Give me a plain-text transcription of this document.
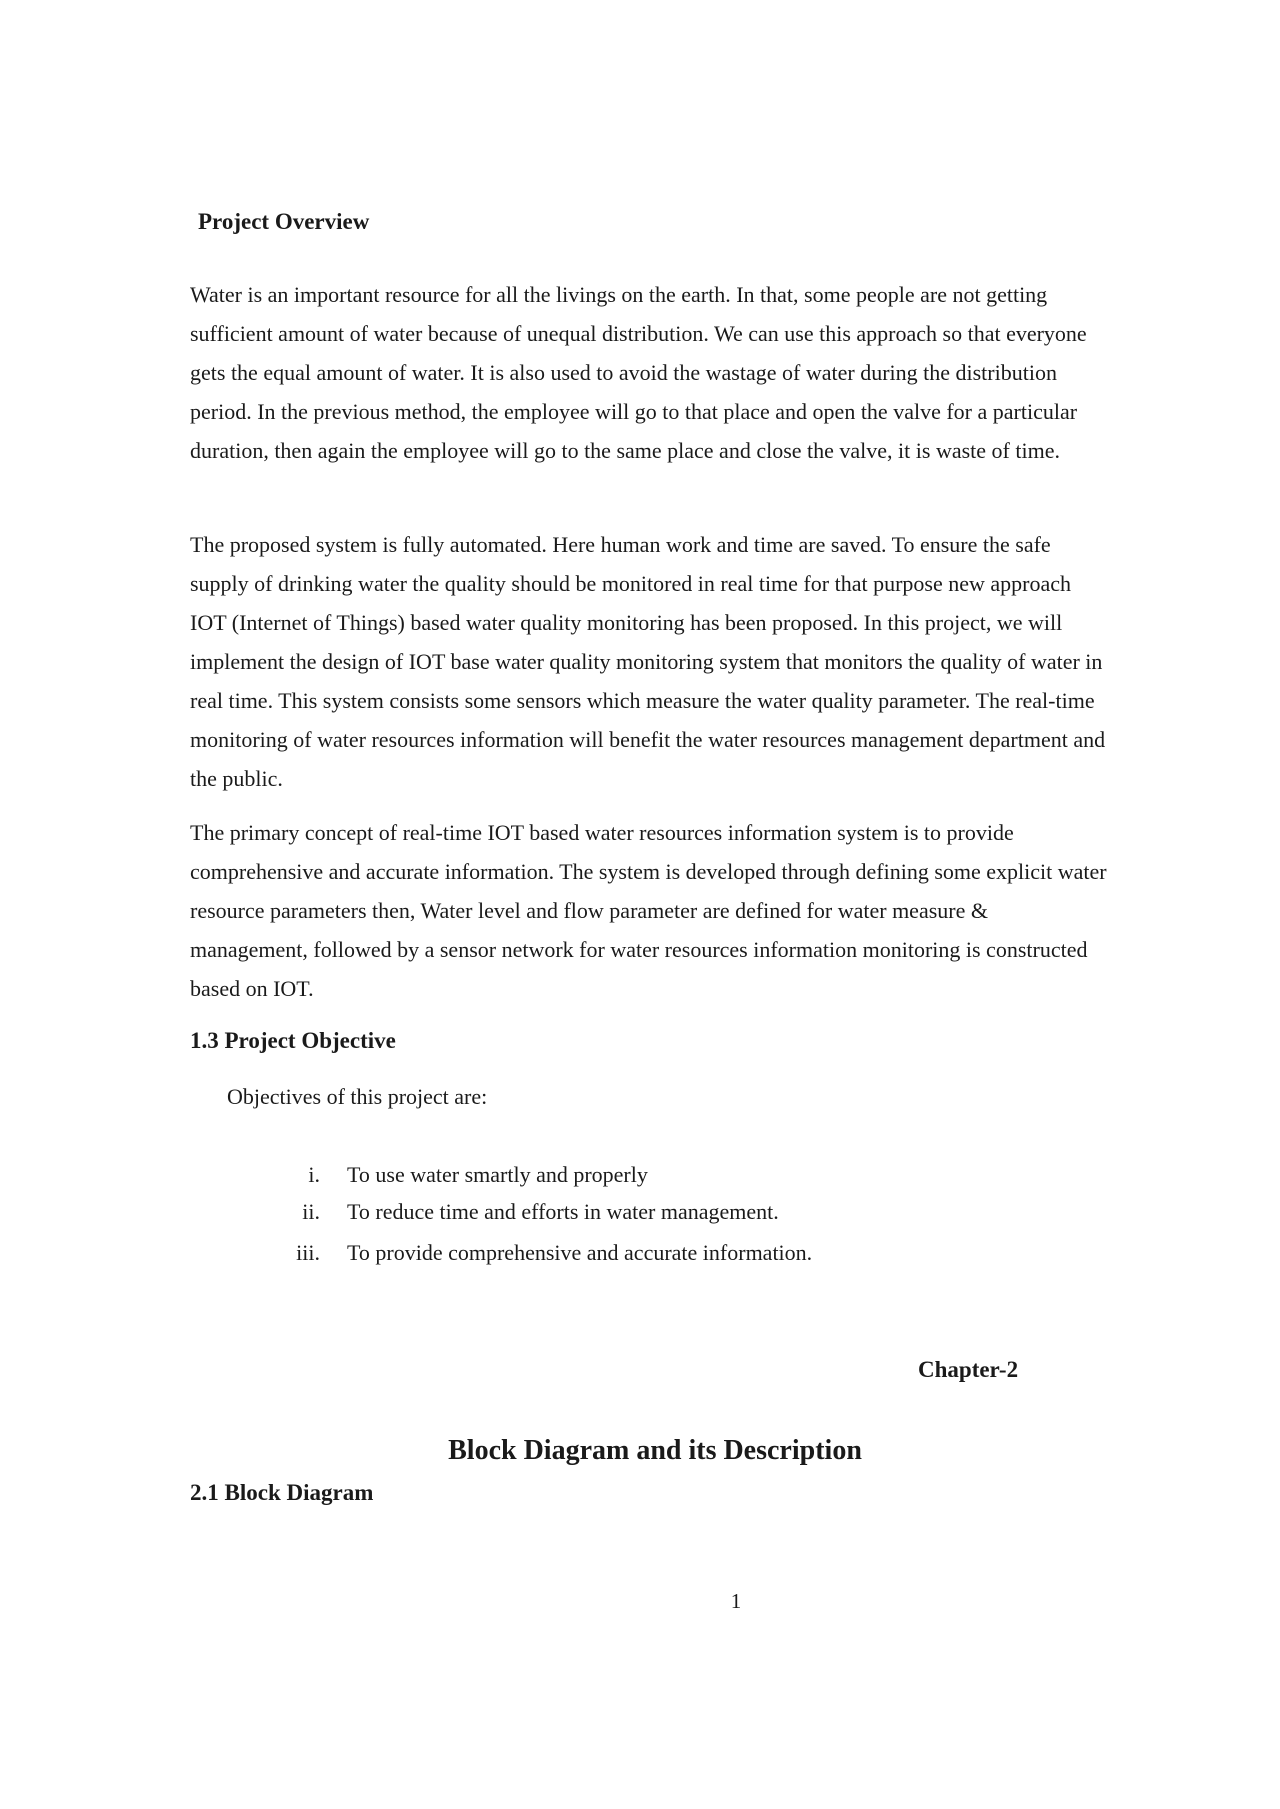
Project Overview

Water is an important resource for all the livings on the earth. In that, some people are not getting sufficient amount of water because of unequal distribution. We can use this approach so that everyone gets the equal amount of water. It is also used to avoid the wastage of water during the distribution period. In the previous method, the employee will go to that place and open the valve for a particular duration, then again the employee will go to the same place and close the valve, it is waste of time.

The proposed system is fully automated. Here human work and time are saved. To ensure the safe supply of drinking water the quality should be monitored in real time for that purpose new approach IOT (Internet of Things) based water quality monitoring has been proposed. In this project, we will implement the design of IOT base water quality monitoring system that monitors the quality of water in real time. This system consists some sensors which measure the water quality parameter. The real-time monitoring of water resources information will benefit the water resources management department and the public.

The primary concept of real-time IOT based water resources information system is to provide comprehensive and accurate information. The system is developed through defining some explicit water resource parameters then, Water level and flow parameter are defined for water measure & management, followed by a sensor network for water resources information monitoring is constructed based on IOT.

1.3 Project Objective
Objectives of this project are:
i. To use water smartly and properly
ii. To reduce time and efforts in water management.
iii. To provide comprehensive and accurate information.
Chapter-2
Block Diagram and its Description
2.1 Block Diagram
1
